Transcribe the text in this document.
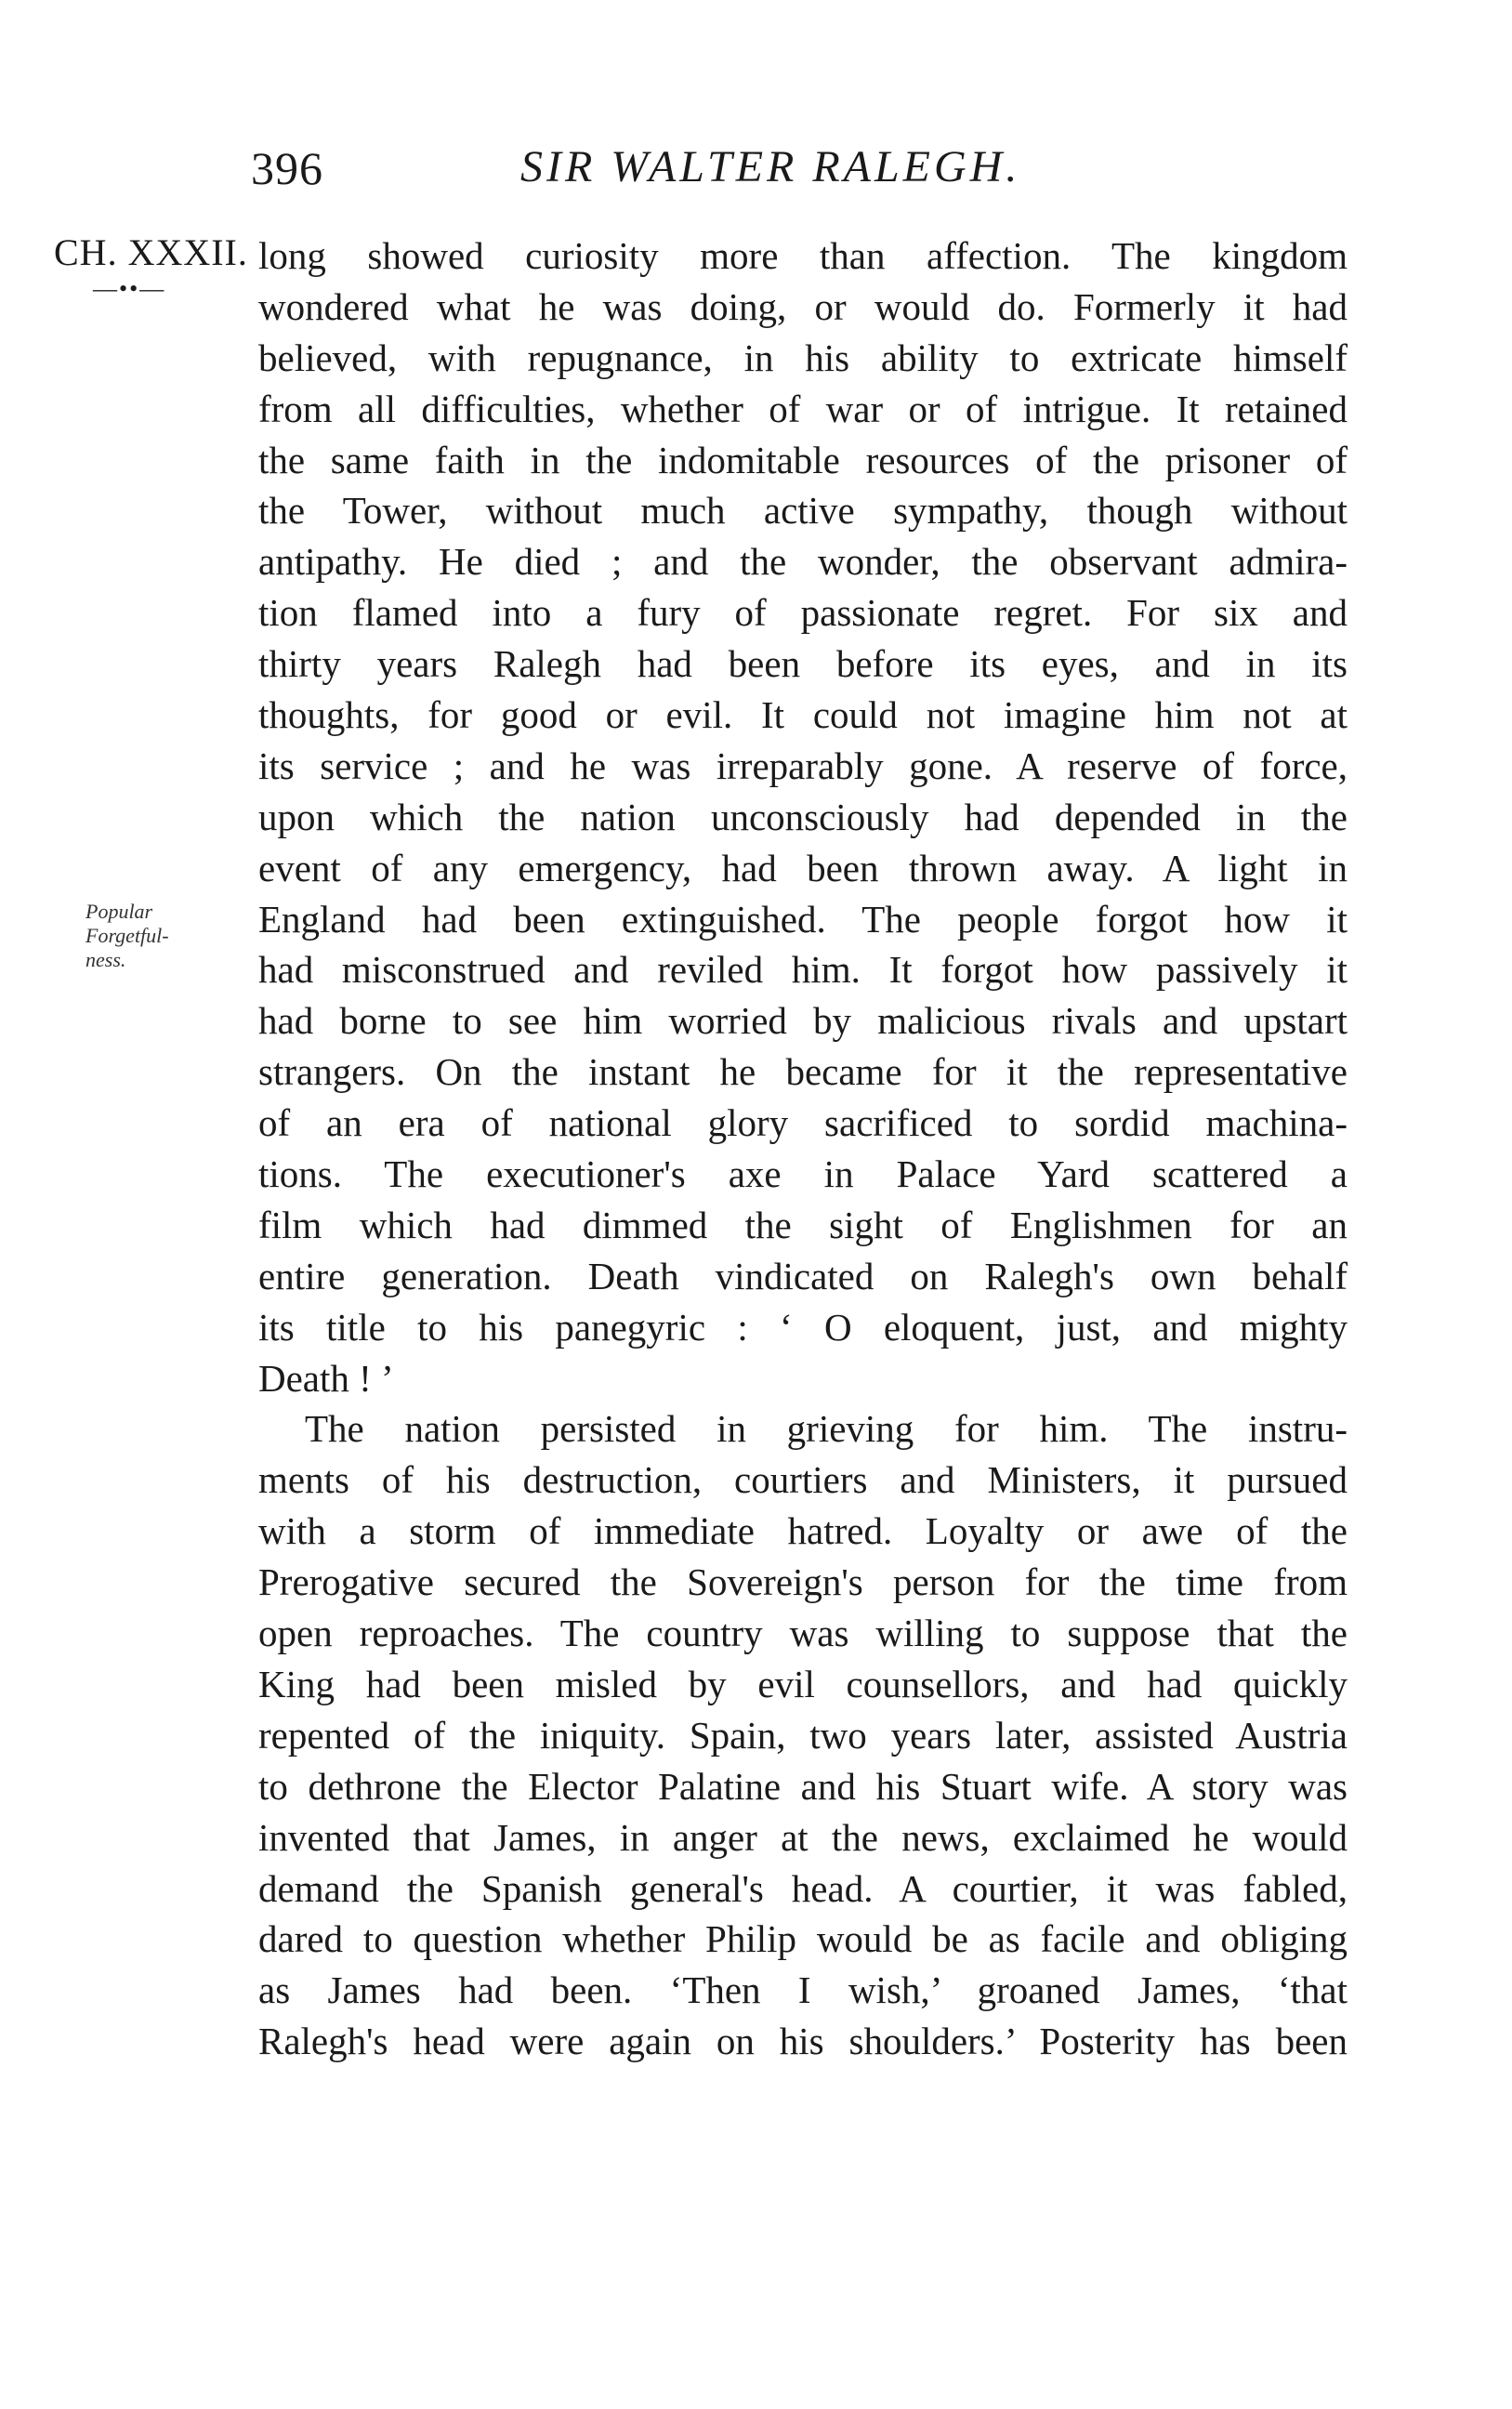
396	SIR WALTER RALEGH.
CH. XXXII.
—••—
Popular
Forgetful-
ness.
long showed curiosity more than affection. The kingdom
wondered what he was doing, or would do. Formerly it had
believed, with repugnance, in his ability to extricate himself
from all difficulties, whether of war or of intrigue. It retained
the same faith in the indomitable resources of the prisoner of
the Tower, without much active sympathy, though without
antipathy. He died ; and the wonder, the observant admira-
tion flamed into a fury of passionate regret. For six and
thirty years Ralegh had been before its eyes, and in its
thoughts, for good or evil. It could not imagine him not at
its service ; and he was irreparably gone. A reserve of force,
upon which the nation unconsciously had depended in the
event of any emergency, had been thrown away. A light in
England had been extinguished. The people forgot how it
had misconstrued and reviled him. It forgot how passively it
had borne to see him worried by malicious rivals and upstart
strangers. On the instant he became for it the representative
of an era of national glory sacrificed to sordid machina-
tions. The executioner's axe in Palace Yard scattered a
film which had dimmed the sight of Englishmen for an
entire generation. Death vindicated on Ralegh's own behalf
its title to his panegyric : ‘ O eloquent, just, and mighty
Death ! ’
The nation persisted in grieving for him. The instru-
ments of his destruction, courtiers and Ministers, it pursued
with a storm of immediate hatred. Loyalty or awe of the
Prerogative secured the Sovereign's person for the time from
open reproaches. The country was willing to suppose that the
King had been misled by evil counsellors, and had quickly
repented of the iniquity. Spain, two years later, assisted Austria
to dethrone the Elector Palatine and his Stuart wife. A story was
invented that James, in anger at the news, exclaimed he would
demand the Spanish general's head. A courtier, it was fabled,
dared to question whether Philip would be as facile and obliging
as James had been. ‘Then I wish,’ groaned James, ‘that
Ralegh's head were again on his shoulders.’ Posterity has been
